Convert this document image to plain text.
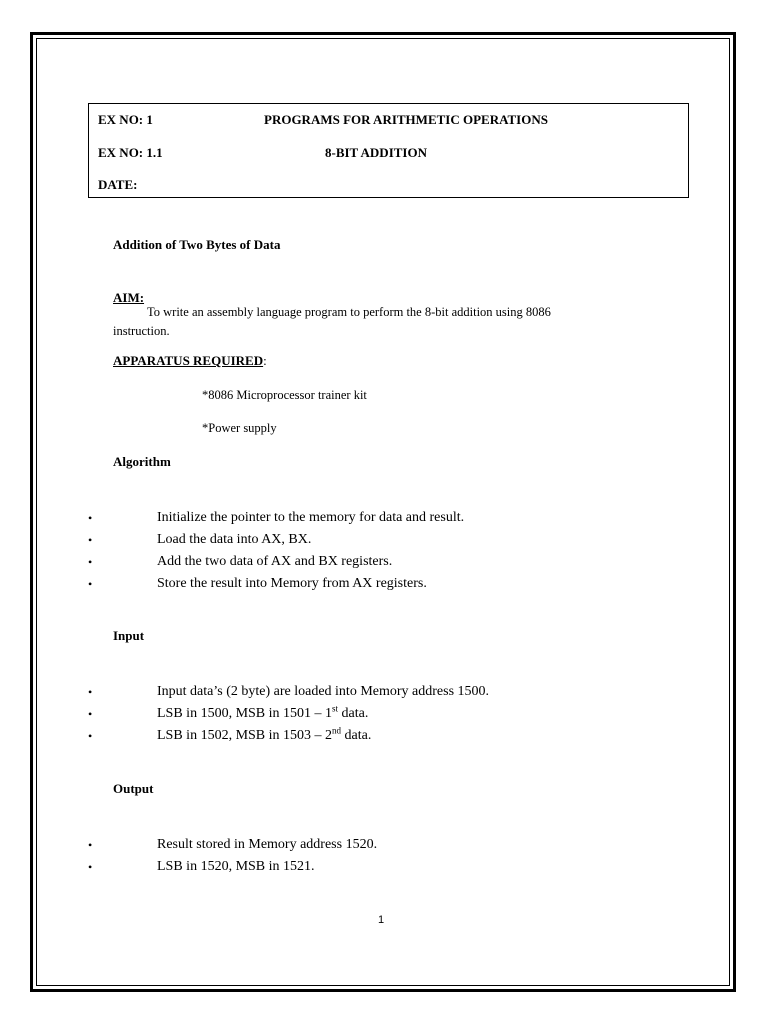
EX NO: 1	PROGRAMS FOR ARITHMETIC OPERATIONS
EX NO: 1.1	8-BIT ADDITION
DATE:
Addition of Two Bytes of Data
AIM:
To write an assembly language program to perform the 8-bit addition using 8086
instruction.
APPARATUS REQUIRED:
*8086 Microprocessor trainer kit
*Power supply
Algorithm
•	Initialize the pointer to the memory for data and result.
•	Load the data into AX, BX.
•	Add the two data of AX and BX registers.
•	Store the result into Memory from AX registers.
Input
•	Input data’s (2 byte) are loaded into Memory address 1500.
•	LSB in 1500, MSB in 1501 – 1st data.
•	LSB in 1502, MSB in 1503 – 2nd data.
Output
•	Result stored in Memory address 1520.
•	LSB in 1520, MSB in 1521.
1
